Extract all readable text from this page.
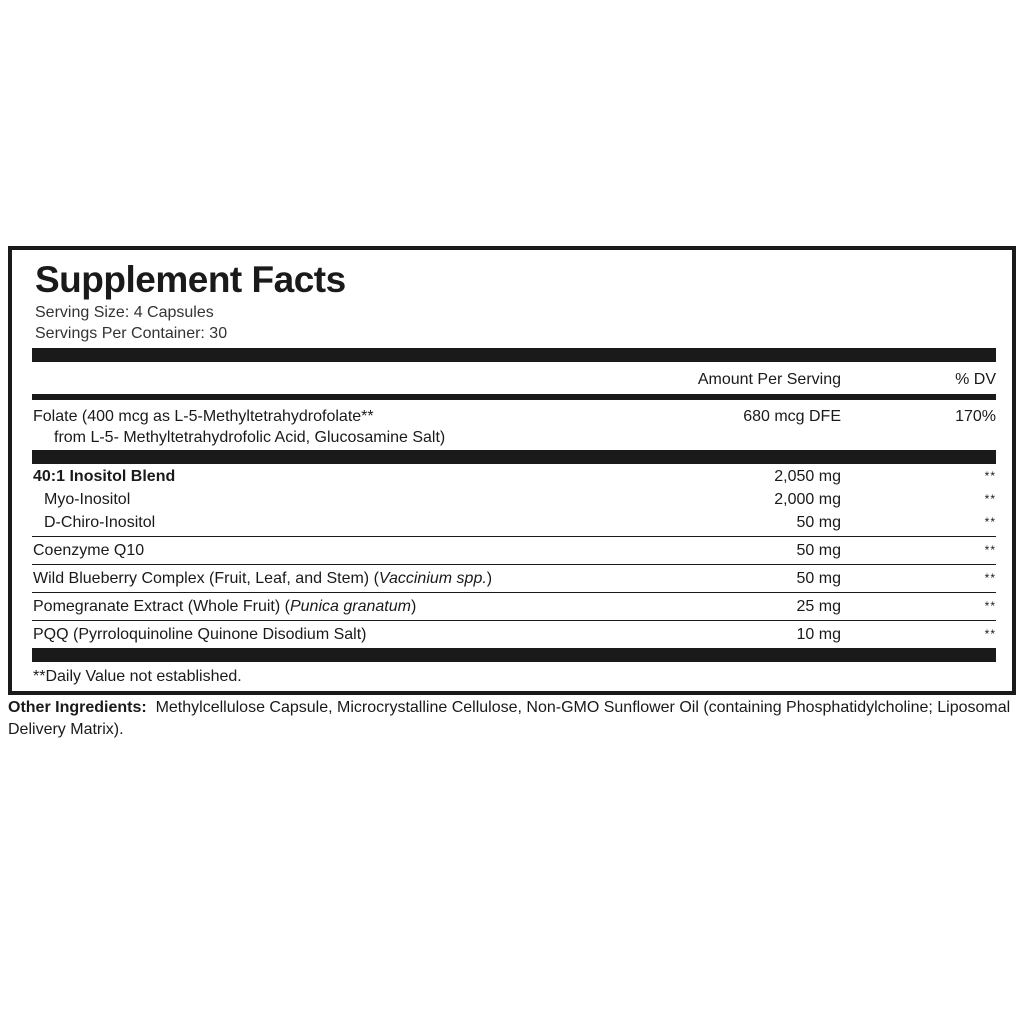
Supplement Facts
Serving Size: 4 Capsules
Servings Per Container: 30
Amount Per Serving	% DV
Folate (400 mcg as L-5-Methyltetrahydrofolate**
from L-5- Methyltetrahydrofolic Acid, Glucosamine Salt)
680 mcg DFE	170%
40:1 Inositol Blend	2,050 mg	**
Myo-Inositol	2,000 mg	**
D-Chiro-Inositol	50 mg	**
Coenzyme Q10	50 mg	**
Wild Blueberry Complex (Fruit, Leaf, and Stem) (Vaccinium spp.)	50 mg	**
Pomegranate Extract (Whole Fruit) (Punica granatum)	25 mg	**
PQQ (Pyrroloquinoline Quinone Disodium Salt)	10 mg	**
**Daily Value not established.
Other Ingredients: Methylcellulose Capsule, Microcrystalline Cellulose, Non-GMO Sunflower Oil (containing Phosphatidylcholine; Liposomal Delivery Matrix).
